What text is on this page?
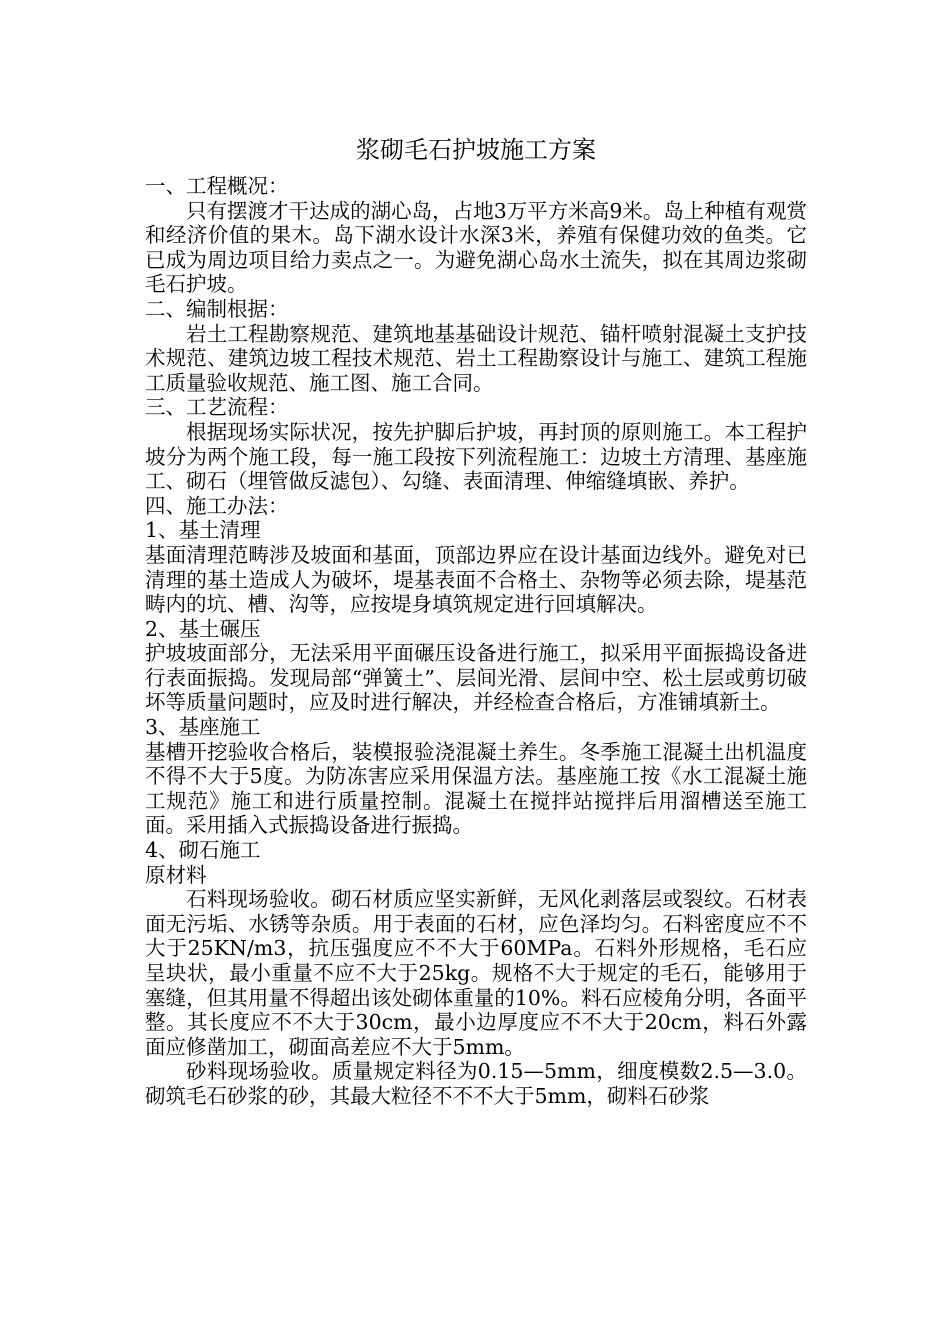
浆砌毛石护坡施工方案

一、工程概况：

只有摆渡才干达成的湖心岛，占地3万平方米高9米。岛上种植有观赏和经济价值的果木。岛下湖水设计水深3米，养殖有保健功效的鱼类。它已成为周边项目给力卖点之一。为避免湖心岛水土流失，拟在其周边浆砌毛石护坡。

二、编制根据：

岩土工程勘察规范、建筑地基基础设计规范、锚杆喷射混凝土支护技术规范、建筑边坡工程技术规范、岩土工程勘察设计与施工、建筑工程施工质量验收规范、施工图、施工合同。

三、工艺流程：

根据现场实际状况，按先护脚后护坡，再封顶的原则施工。本工程护坡分为两个施工段，每一施工段按下列流程施工：边坡土方清理、基座施工、砌石（埋管做反滤包）、勾缝、表面清理、伸缩缝填嵌、养护。

四、施工办法：

1、基土清理

基面清理范畴涉及坡面和基面，顶部边界应在设计基面边线外。避免对已清理的基土造成人为破坏，堤基表面不合格土、杂物等必须去除，堤基范畴内的坑、槽、沟等，应按堤身填筑规定进行回填解决。

2、基土碾压

护坡坡面部分，无法采用平面碾压设备进行施工，拟采用平面振捣设备进行表面振捣。发现局部“弹簧土”、层间光滑、层间中空、松土层或剪切破坏等质量问题时，应及时进行解决，并经检查合格后，方准铺填新土。

3、基座施工

基槽开挖验收合格后，装模报验浇混凝土养生。冬季施工混凝土出机温度不得不大于5度。为防冻害应采用保温方法。基座施工按《水工混凝土施工规范》施工和进行质量控制。混凝土在搅拌站搅拌后用溜槽送至施工面。采用插入式振捣设备进行振捣。

4、砌石施工

原材料

石料现场验收。砌石材质应坚实新鲜，无风化剥落层或裂纹。石材表面无污垢、水锈等杂质。用于表面的石材，应色泽均匀。石料密度应不不大于25KN/m3，抗压强度应不不大于60MPa。石料外形规格，毛石应呈块状，最小重量不应不大于25kg。规格不大于规定的毛石，能够用于塞缝，但其用量不得超出该处砌体重量的10%。料石应棱角分明，各面平整。其长度应不不大于30cm，最小边厚度应不不大于20cm，料石外露面应修凿加工，砌面高差应不大于5mm。

砂料现场验收。质量规定料径为0.15—5mm，细度模数2.5—3.0。砌筑毛石砂浆的砂，其最大粒径不不不大于5mm，砌料石砂浆
